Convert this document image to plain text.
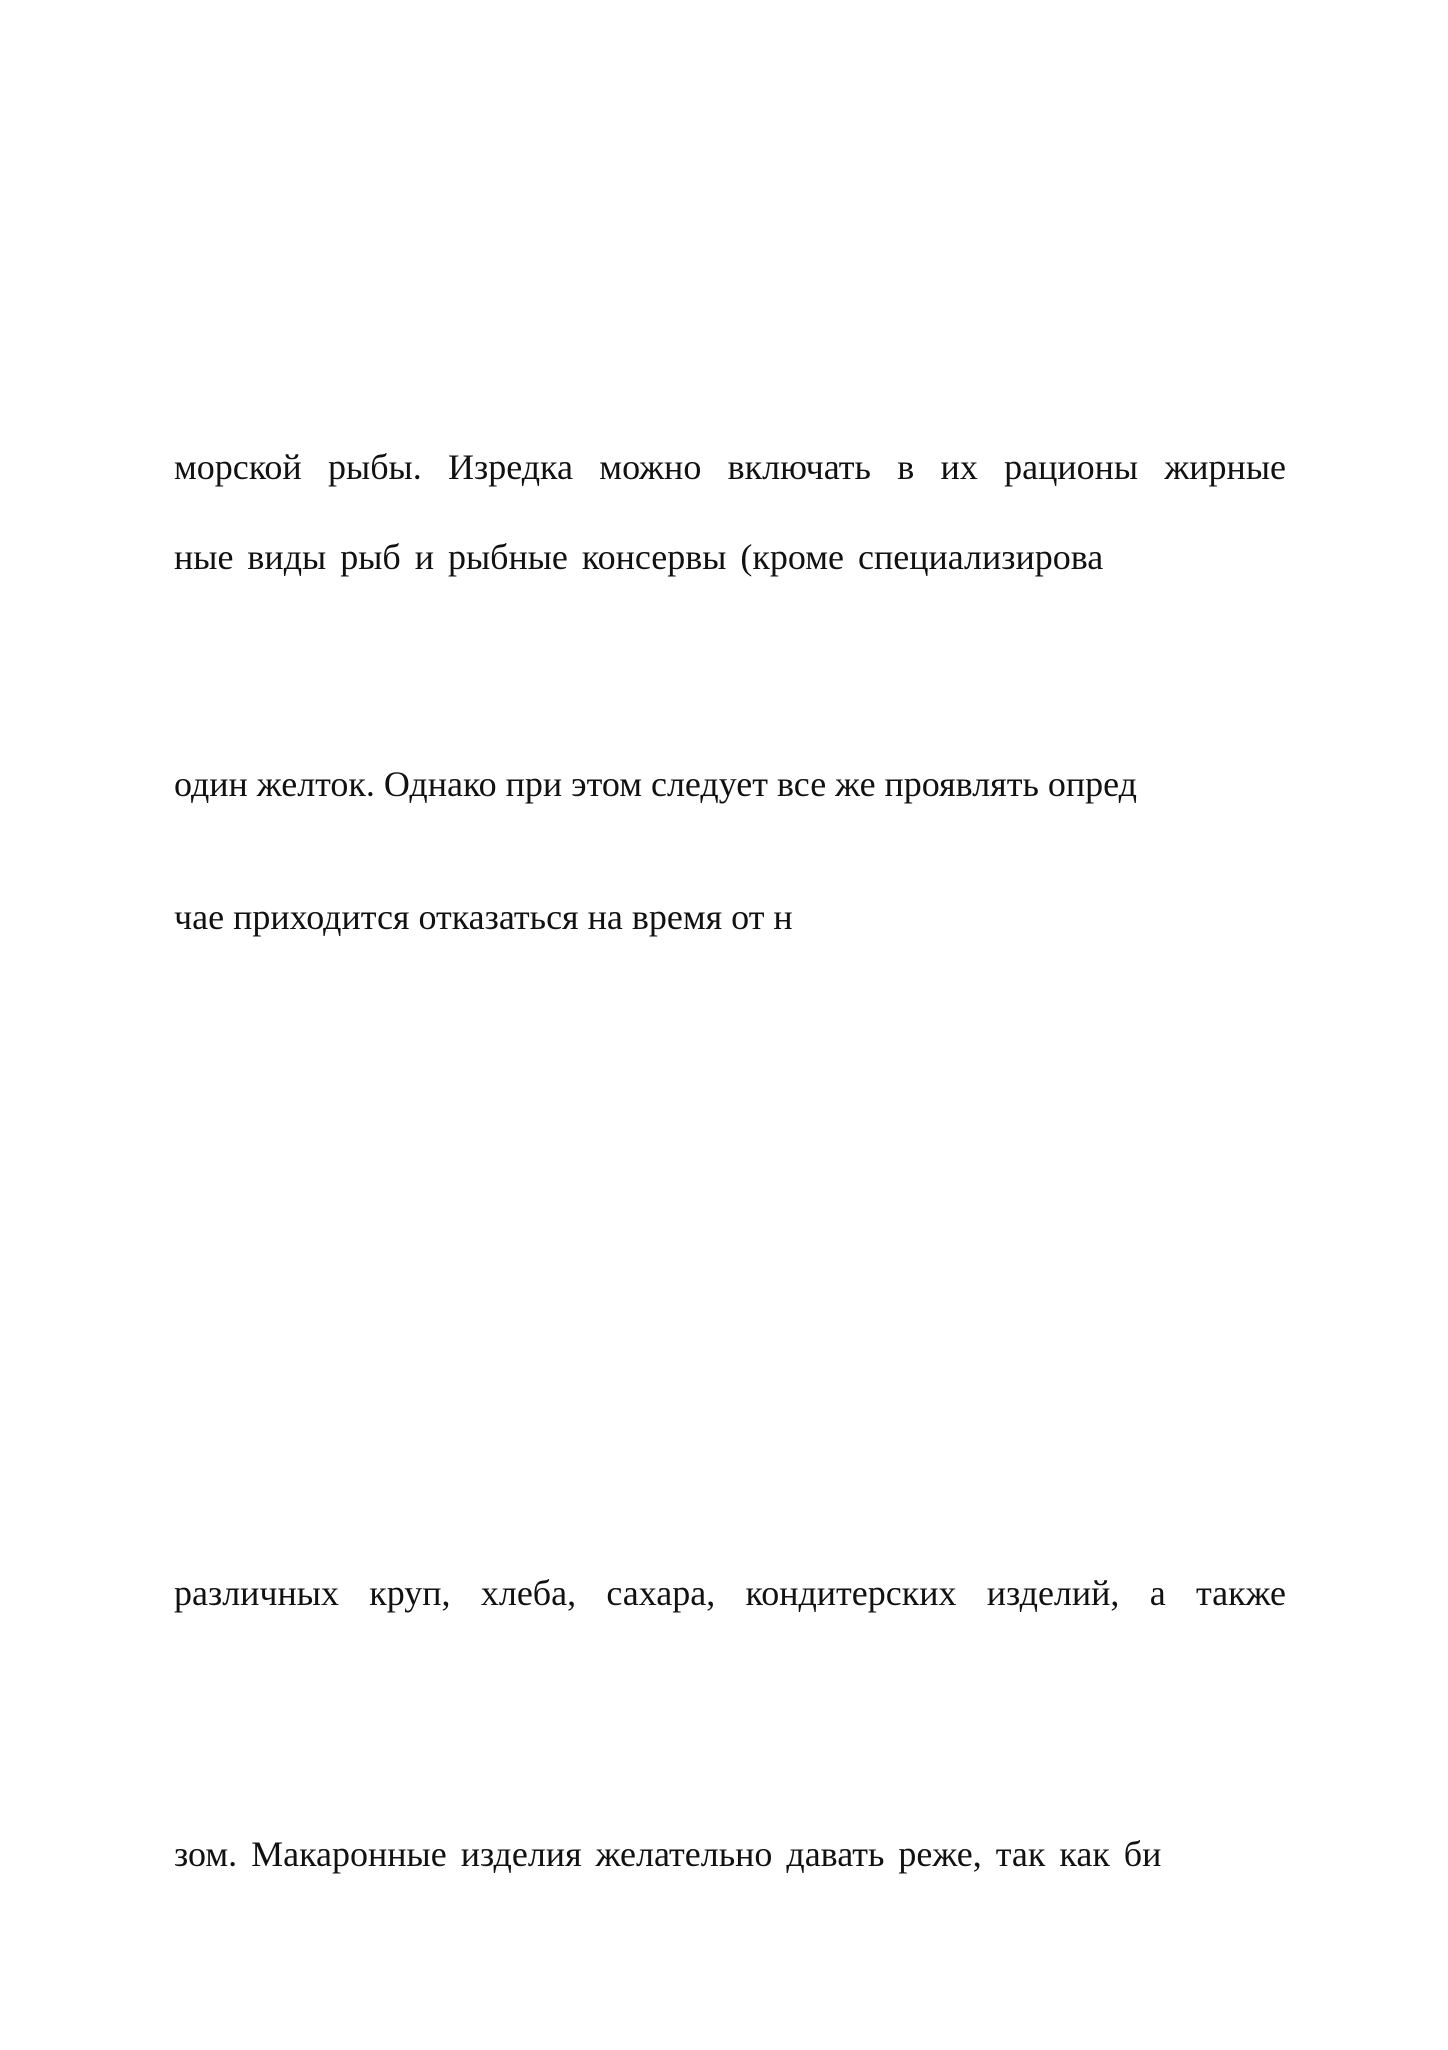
морской рыбы. Изредка можно включать в их рационы жирные

ные виды рыб и рыбные консервы (кроме специализирова

один желток. Однако при этом следует все же проявлять опред

чае приходится отказаться на время от н

различных круп, хлеба, сахара, кондитерских изделий, а также

зом. Макаронные изделия желательно давать реже, так как би
